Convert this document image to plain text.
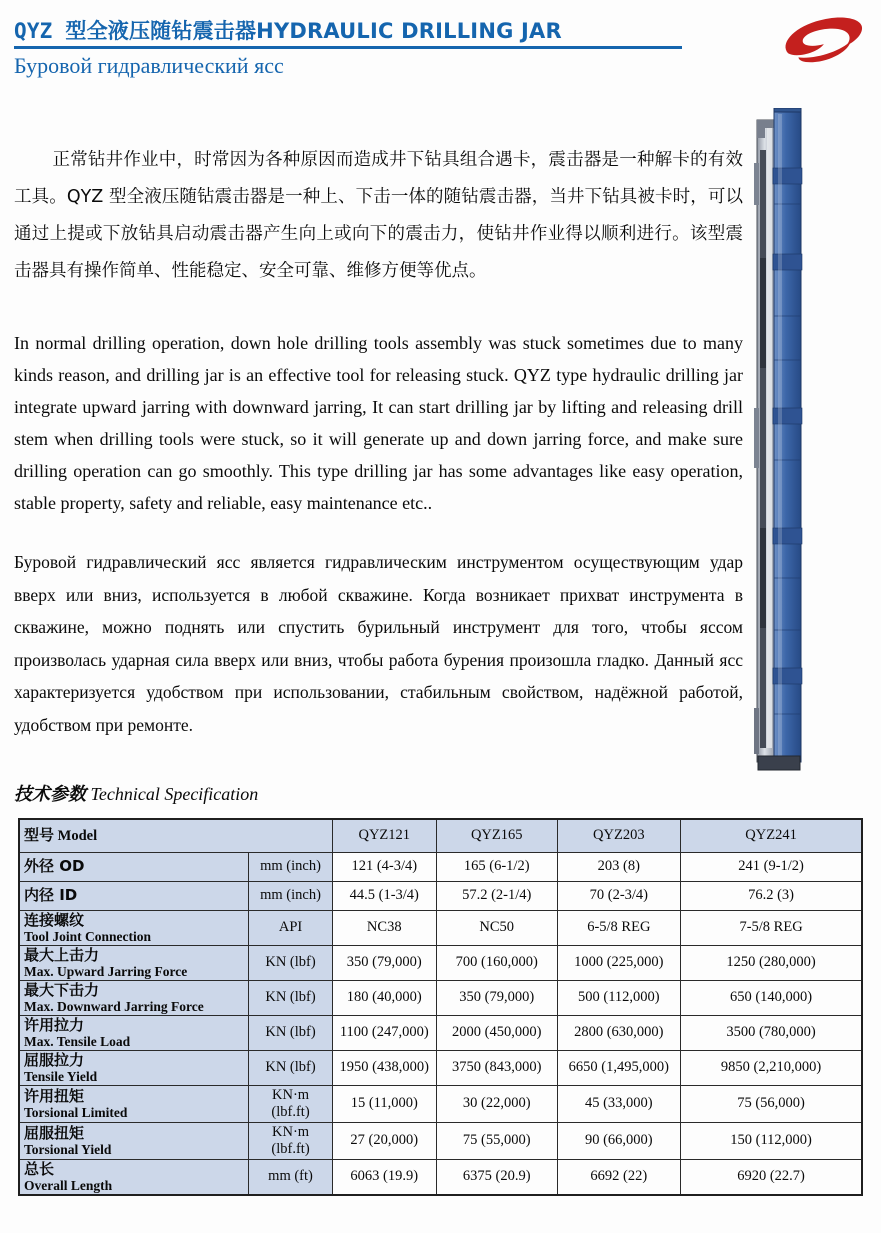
QYZ 型全液压随钻震击器HYDRAULIC DRILLING JAR
Буровой гидравлический ясс
正常钻井作业中，时常因为各种原因而造成井下钻具组合遇卡，震击器是一种解卡的有效工具。QYZ 型全液压随钻震击器是一种上、下击一体的随钻震击器，当井下钻具被卡时，可以通过上提或下放钻具启动震击器产生向上或向下的震击力，使钻井作业得以顺利进行。该型震击器具有操作简单、性能稳定、安全可靠、维修方便等优点。
In normal drilling operation, down hole drilling tools assembly was stuck sometimes due to many kinds reason, and drilling jar is an effective tool for releasing stuck. QYZ type hydraulic drilling jar integrate upward jarring with downward jarring, It can start drilling jar by lifting and releasing drill stem when drilling tools were stuck, so it will generate up and down jarring force, and make sure drilling operation can go smoothly. This type drilling jar has some advantages like easy operation, stable property, safety and reliable, easy maintenance etc..
Буровой гидравлический ясс является гидравлическим инструментом осуществующим удар вверх или вниз, используется в любой скважине. Когда возникает прихват инструмента в скважине, можно поднять или спустить бурильный инструмент для того, чтобы яссом произволась ударная сила вверх или вниз, чтобы работа бурения произошла гладко. Данный ясс характеризуется удобством при использовании, стабильным свойством, надёжной работой, удобством при ремонте.
技术参数 Technical Specification
型号 Model		QYZ121	QYZ165	QYZ203	QYZ241

外径 OD	mm (inch)	121 (4-3/4)	165 (6-1/2)	203 (8)	241 (9-1/2)

内径 ID	mm (inch)	44.5 (1-3/4)	57.2 (2-1/4)	70 (2-3/4)	76.2 (3)

连接螺纹
Tool Joint Connection	API	NC38	NC50	6-5/8 REG	7-5/8 REG

最大上击力
Max. Upward Jarring Force	KN (lbf)	350 (79,000)	700 (160,000)	1000 (225,000)	1250 (280,000)

最大下击力
Max. Downward Jarring Force	KN (lbf)	180 (40,000)	350 (79,000)	500 (112,000)	650 (140,000)

许用拉力
Max. Tensile Load	KN (lbf)	1100 (247,000)	2000 (450,000)	2800 (630,000)	3500 (780,000)

屈服拉力
Tensile Yield	KN (lbf)	1950 (438,000)	3750 (843,000)	6650 (1,495,000)	9850 (2,210,000)

许用扭矩
Torsional Limited	KN·m (lbf.ft)	15 (11,000)	30 (22,000)	45 (33,000)	75 (56,000)

屈服扭矩
Torsional Yield	KN·m (lbf.ft)	27 (20,000)	75 (55,000)	90 (66,000)	150 (112,000)

总长
Overall Length	mm (ft)	6063 (19.9)	6375 (20.9)	6692 (22)	6920 (22.7)
